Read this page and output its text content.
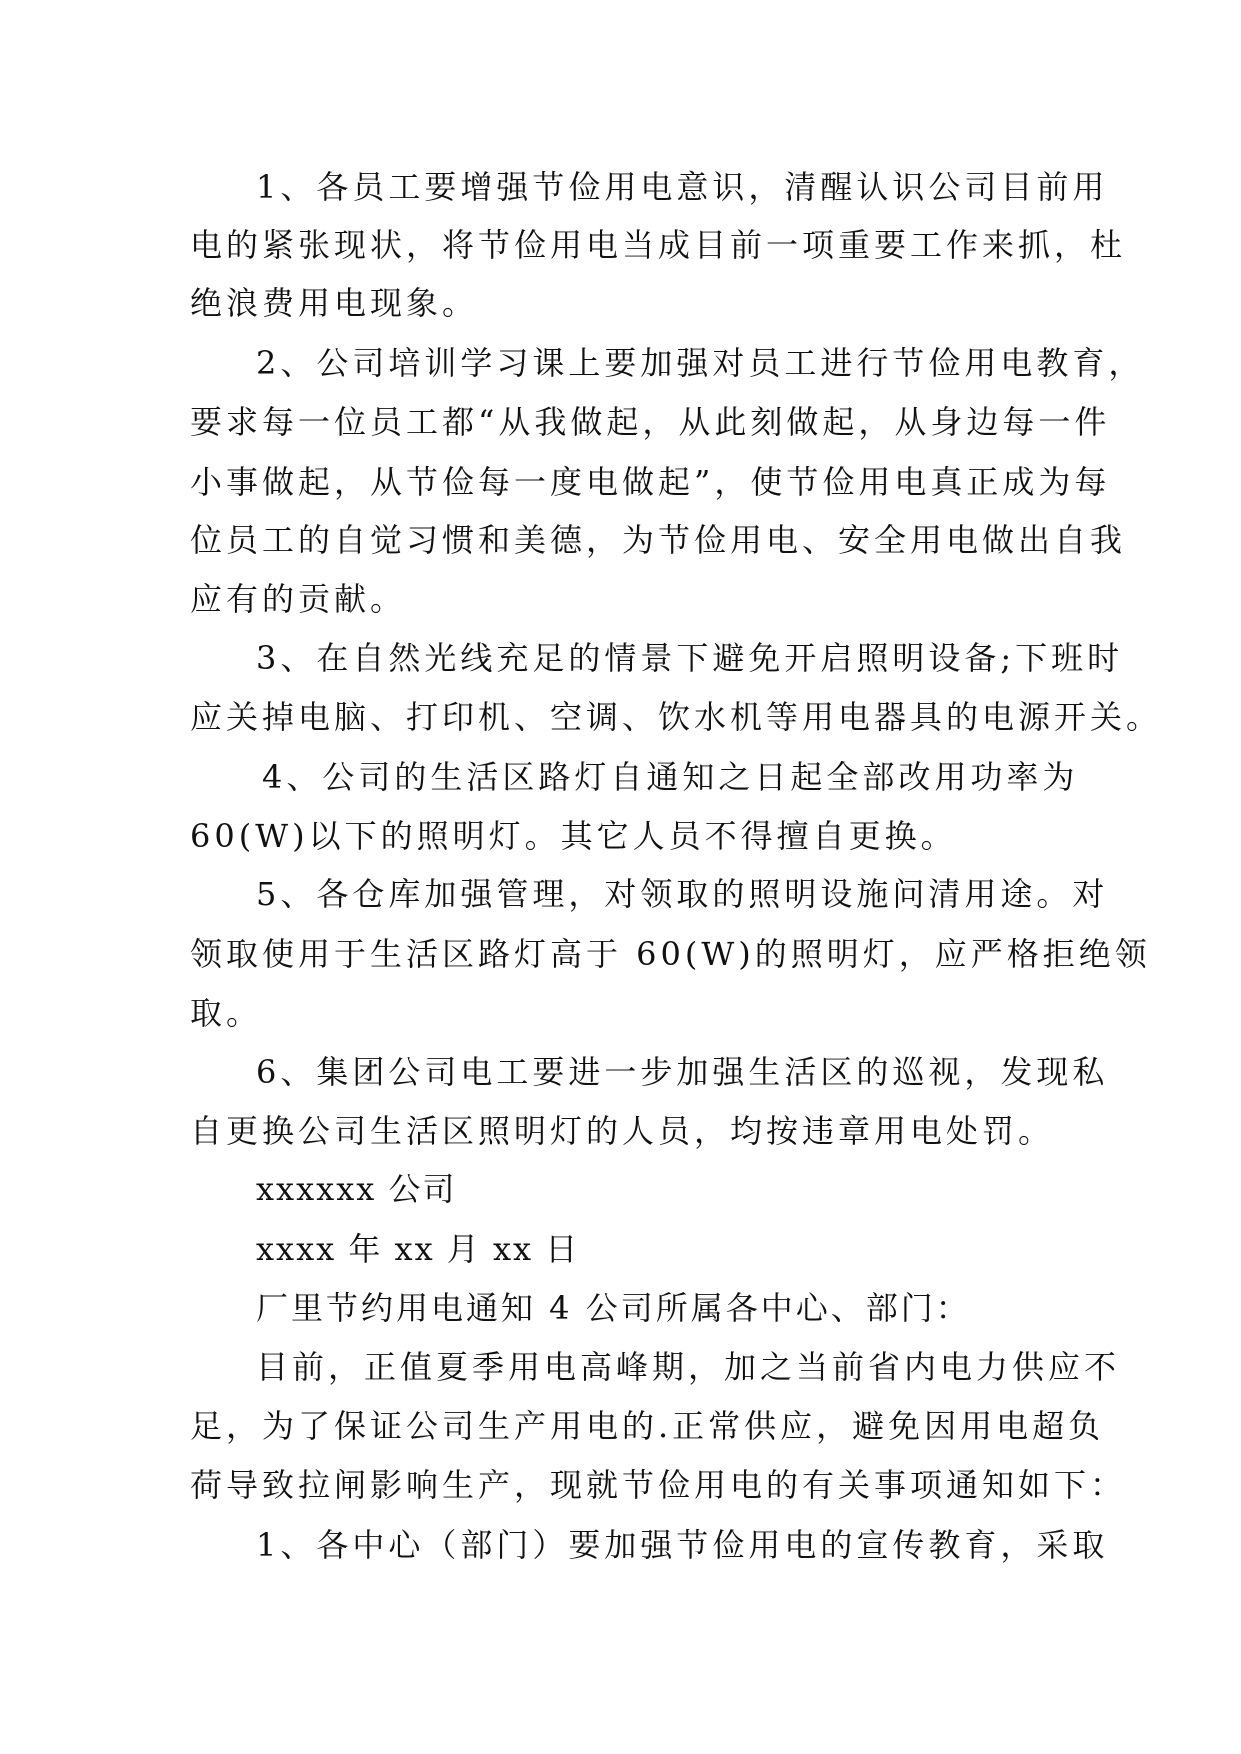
1、各员工要增强节俭用电意识，清醒认识公司目前用
电的紧张现状，将节俭用电当成目前一项重要工作来抓，杜
绝浪费用电现象。
2、公司培训学习课上要加强对员工进行节俭用电教育，
要求每一位员工都“从我做起，从此刻做起，从身边每一件
小事做起，从节俭每一度电做起”，使节俭用电真正成为每
位员工的自觉习惯和美德，为节俭用电、安全用电做出自我
应有的贡献。
3、在自然光线充足的情景下避免开启照明设备;下班时
应关掉电脑、打印机、空调、饮水机等用电器具的电源开关。
4、公司的生活区路灯自通知之日起全部改用功率为
60(W)以下的照明灯。其它人员不得擅自更换。
5、各仓库加强管理，对领取的照明设施问清用途。对
领取使用于生活区路灯高于 60(W)的照明灯，应严格拒绝领
取。
6、集团公司电工要进一步加强生活区的巡视，发现私
自更换公司生活区照明灯的人员，均按违章用电处罚。
xxxxxx 公司
xxxx 年 xx 月 xx 日
厂里节约用电通知 4 公司所属各中心、部门：
目前，正值夏季用电高峰期，加之当前省内电力供应不
足，为了保证公司生产用电的.正常供应，避免因用电超负
荷导致拉闸影响生产，现就节俭用电的有关事项通知如下：
1、各中心（部门）要加强节俭用电的宣传教育，采取
